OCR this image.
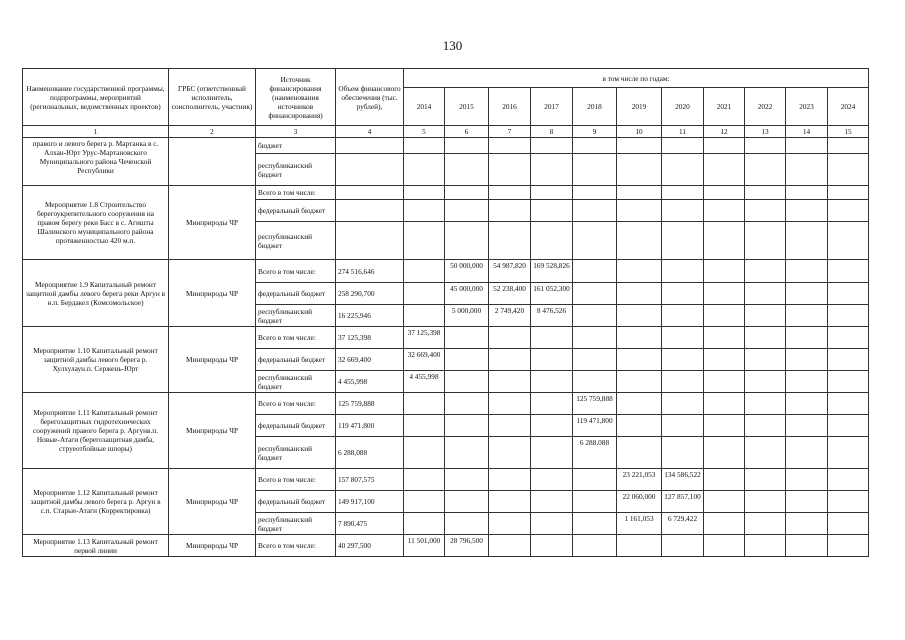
130
Наименование государственной программы, подпрограммы, мероприятий (региональных, ведомственных проектов)	ГРБС (ответственный исполнитель, соисполнитель, участник)	Источник финансирования (наименования источников финансирования)	Объем финансового обеспечения (тыс. рублей),	в том числе по годам:										
				2014	2015	2016	2017	2018	2019	2020	2021	2022	2023	2024
1	2	3	4	5	6	7	8	9	10	11	12	13	14	15
правого и левого берега р. Мартанка в с. Алхан-Юрт Урус-Мартановского Муниципального района Чеченской Республики		бюджет												
		республиканский бюджет												
Мероприятие 1.8 Строительство берегоукрепительного сооружения на правом берегу реки Басс в с. Агишты Шалинского муниципального района протяженностью 420 м.п.	Минприроды ЧР	Всего в том числе:												
		федеральный бюджет												
		республиканский бюджет												
Мероприятие 1.9 Капитальный ремонт защитной дамбы левого берега реки Аргун в н.п. Бердакел (Комсомольское)	Минприроды ЧР	Всего в том числе:	274 516,646		50 000,000	54 987,820	169 528,826							
		федеральный бюджет	258 290,700		45 000,000	52 238,400	161 052,300							
		республиканский бюджет	16 225,946		5 000,000	2 749,420	8 476,526							
Мероприятие 1.10 Капитальный ремонт защитной дамбы левого берега р. Хулхулаун.п. Сержень-Юрт	Минприроды ЧР	Всего в том числе:	37 125,398	37 125,398										
		федеральный бюджет	32 669,400	32 669,400										
		республиканский бюджет	4 455,998	4 455,998										
Мероприятие 1.11 Капитальный ремонт берегозащитных гидротехнических сооружений правого берега р. Аргунв.п. Новые-Атаги (берегозащитная дамба, струеотбойные шпоры)	Минприроды ЧР	Всего в том числе:	125 759,888					125 759,888						
		федеральный бюджет	119 471,800					119 471,800						
		республиканский бюджет	6 288,088					6 288,088						
Мероприятие 1.12 Капитальный ремонт защитной дамбы левого берега р. Аргун в с.п. Старые-Атаги (Корректировка)	Минприроды ЧР	Всего в том числе:	157 807,575						23 221,053	134 586,522				
		федеральный бюджет	149 917,100						22 060,000	127 857,100				
		республиканский бюджет	7 890,475						1 161,053	6 729,422				
Мероприятие 1.13 Капитальный ремонт первой линии	Минприроды ЧР	Всего в том числе:	40 297,500	11 501,000	28 796,500									
